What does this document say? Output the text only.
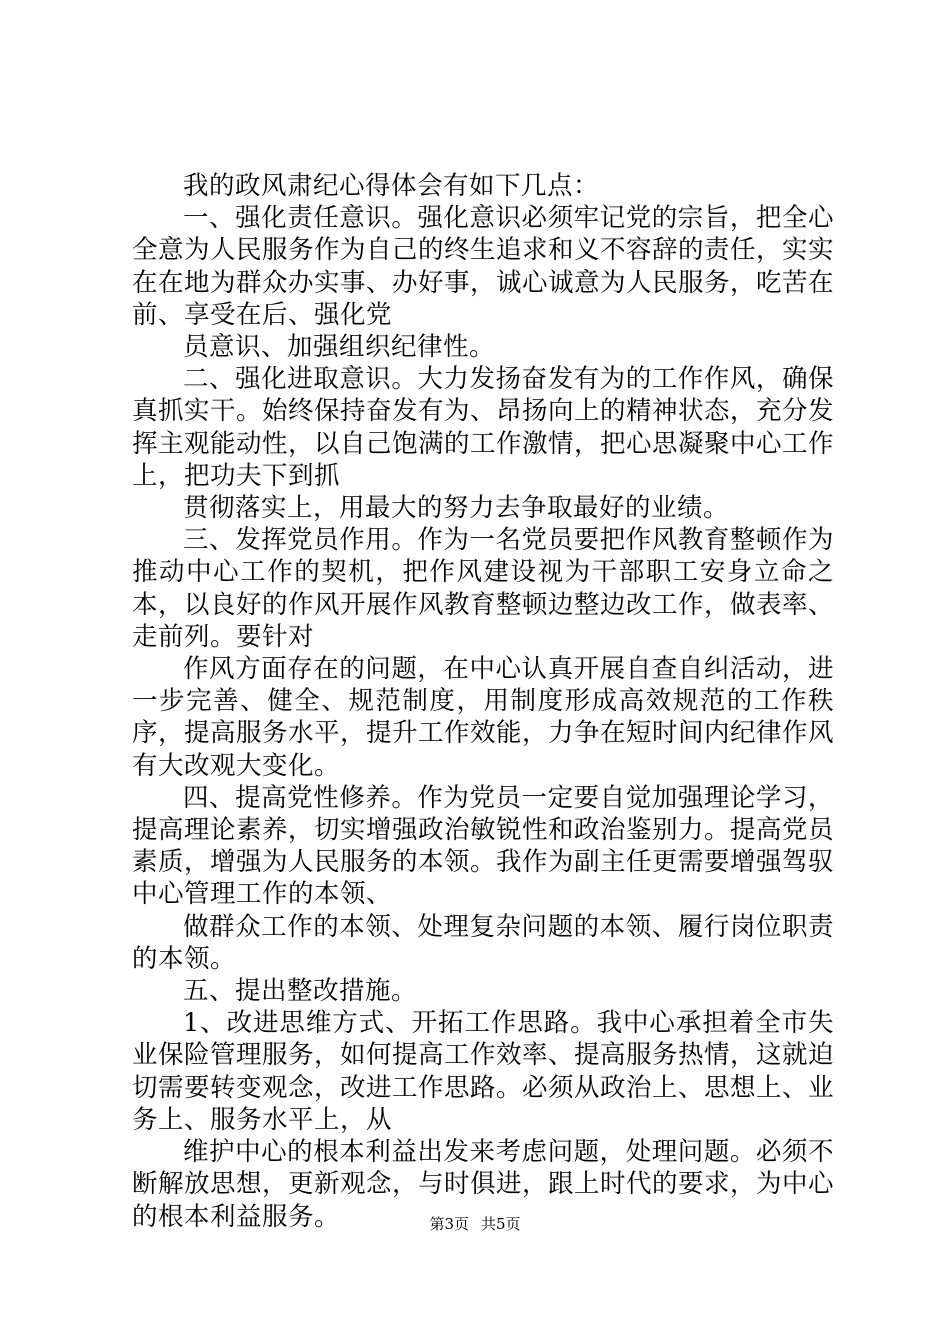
我的政风肃纪心得体会有如下几点：

一、强化责任意识。强化意识必须牢记党的宗旨，把全心全意为人民服务作为自己的终生追求和义不容辞的责任，实实在在地为群众办实事、办好事，诚心诚意为人民服务，吃苦在前、享受在后、强化党

员意识、加强组织纪律性。

二、强化进取意识。大力发扬奋发有为的工作作风，确保真抓实干。始终保持奋发有为、昂扬向上的精神状态，充分发挥主观能动性，以自己饱满的工作激情，把心思凝聚中心工作上，把功夫下到抓

贯彻落实上，用最大的努力去争取最好的业绩。

三、发挥党员作用。作为一名党员要把作风教育整顿作为推动中心工作的契机，把作风建设视为干部职工安身立命之本，以良好的作风开展作风教育整顿边整边改工作，做表率、走前列。要针对

作风方面存在的问题，在中心认真开展自查自纠活动，进一步完善、健全、规范制度，用制度形成高效规范的工作秩序，提高服务水平，提升工作效能，力争在短时间内纪律作风有大改观大变化。

四、提高党性修养。作为党员一定要自觉加强理论学习，提高理论素养，切实增强政治敏锐性和政治鉴别力。提高党员素质，增强为人民服务的本领。我作为副主任更需要增强驾驭中心管理工作的本领、

做群众工作的本领、处理复杂问题的本领、履行岗位职责的本领。

五、提出整改措施。

1、改进思维方式、开拓工作思路。我中心承担着全市失业保险管理服务，如何提高工作效率、提高服务热情，这就迫切需要转变观念，改进工作思路。必须从政治上、思想上、业务上、服务水平上，从

维护中心的根本利益出发来考虑问题，处理问题。必须不断解放思想，更新观念，与时俱进，跟上时代的要求，为中心的根本利益服务。	第3页 共5页
